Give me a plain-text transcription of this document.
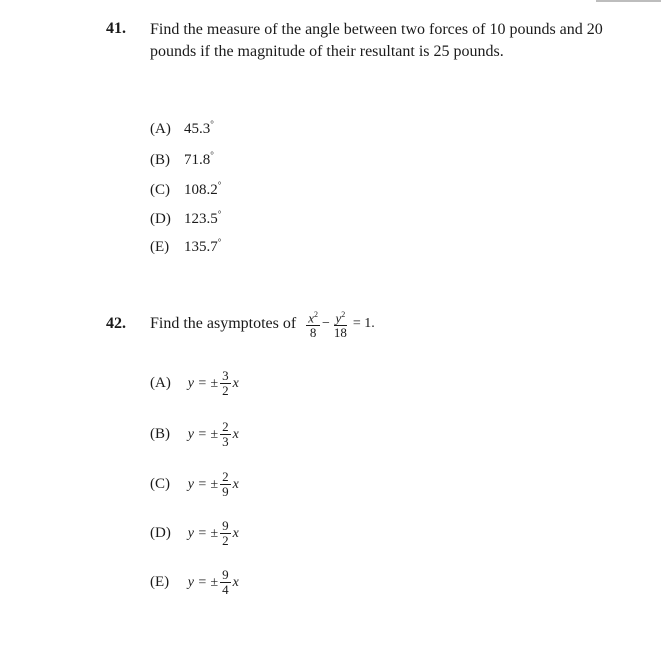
41. Find the measure of the angle between two forces of 10 pounds and 20 pounds if the magnitude of their resultant is 25 pounds.
(A) 45.3°
(B) 71.8°
(C) 108.2°
(D) 123.5°
(E) 135.7°
42. Find the asymptotes of $\frac{x^2}{8} - \frac{y^2}{18} = 1$.
(A) y = ± $\frac{3}{2}$ x
(B) y = ± $\frac{2}{3}$ x
(C) y = ± $\frac{2}{9}$ x
(D) y = ± $\frac{9}{2}$ x
(E) y = ± $\frac{9}{4}$ x
